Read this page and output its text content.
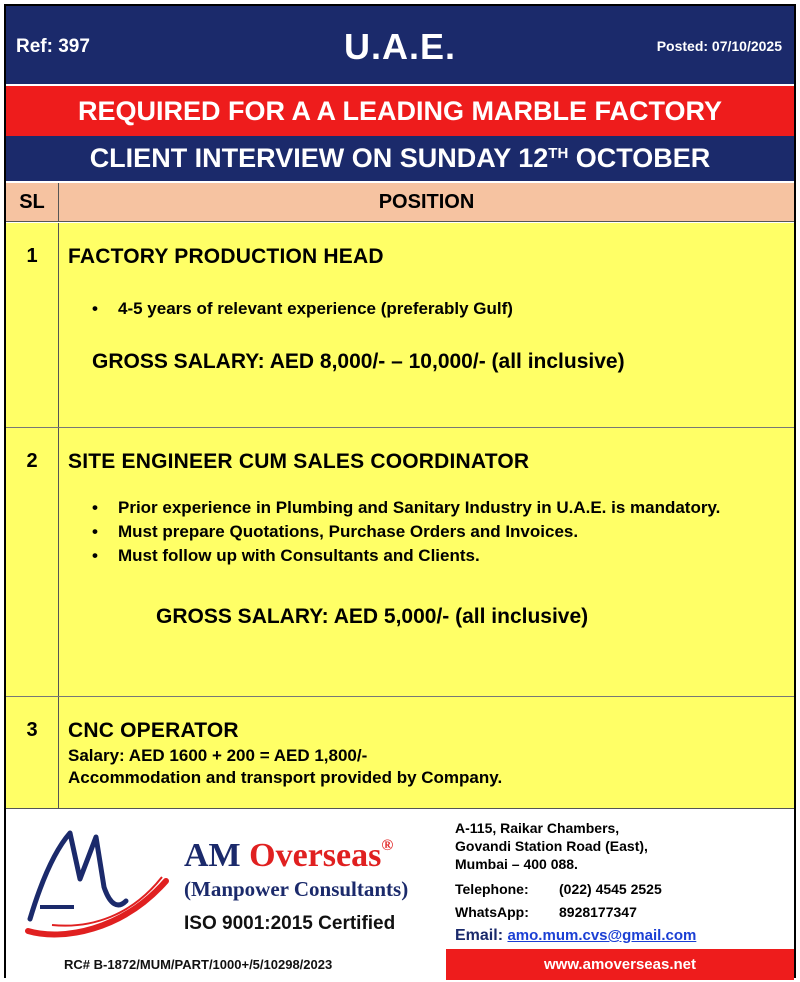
Ref: 397	U.A.E.	Posted: 07/10/2025
REQUIRED FOR A A LEADING MARBLE FACTORY
CLIENT INTERVIEW ON SUNDAY 12TH OCTOBER
SL	POSITION
1	FACTORY PRODUCTION HEAD
• 4-5 years of relevant experience (preferably Gulf)
GROSS SALARY: AED 8,000/- – 10,000/- (all inclusive)
2	SITE ENGINEER CUM SALES COORDINATOR
• Prior experience in Plumbing and Sanitary Industry in U.A.E. is mandatory.
• Must prepare Quotations, Purchase Orders and Invoices.
• Must follow up with Consultants and Clients.
GROSS SALARY: AED 5,000/- (all inclusive)
3	CNC OPERATOR
Salary: AED 1600 + 200 = AED 1,800/-
Accommodation and transport provided by Company.
AM Overseas®
(Manpower Consultants)
ISO 9001:2015 Certified
RC# B-1872/MUM/PART/1000+/5/10298/2023
A-115, Raikar Chambers,
Govandi Station Road (East),
Mumbai – 400 088.
Telephone: (022) 4545 2525
WhatsApp: 8928177347
Email: amo.mum.cvs@gmail.com
www.amoverseas.net
